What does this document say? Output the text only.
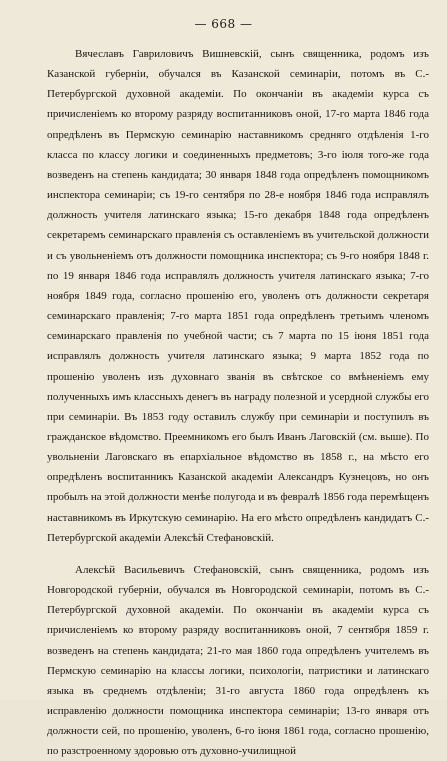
— 668 —

Вячеславъ Гавриловичъ Вишневскій, сынъ священника, родомъ изъ Казанской губерніи, обучался въ Казанской семинаріи, потомъ въ С.-Петербургской духовной академіи. По окончаніи въ академіи курса съ причисленіемъ ко второму разряду воспитанниковъ оной, 17-го марта 1846 года опредѣленъ въ Пермскую семинарію наставникомъ средняго отдѣленія 1-го класса по классу логики и соединенныхъ предметовъ; 3-го іюля того-же года возведенъ на степень кандидата; 30 января 1848 года опредѣленъ помощникомъ инспектора семинаріи; съ 19-го сентября по 28-е ноября 1846 года исправлялъ должность учителя латинскаго языка; 15-го декабря 1848 года опредѣленъ секретаремъ семинарскаго правленія съ оставленіемъ въ учительской должности и съ увольненіемъ отъ должности помощника инспектора; съ 9-го ноября 1848 г. по 19 января 1846 года исправлялъ должность учителя латинскаго языка; 7-го ноября 1849 года, согласно прошенію его, уволенъ отъ должности секретаря семинарскаго правленія; 7-го марта 1851 года опредѣленъ третьимъ членомъ семинарскаго правленія по учебной части; съ 7 марта по 15 іюня 1851 года исправлялъ должность учителя латинскаго языка; 9 марта 1852 года по прошенію уволенъ изъ духовнаго званія въ свѣтское со вмѣненіемъ ему полученныхъ имъ классныхъ денегъ въ награду полезной и усердной службы его при семинаріи. Въ 1853 году оставилъ службу при семинаріи и поступилъ въ гражданское вѣдомство. Преемникомъ его былъ Иванъ Лаговскій (см. выше). По увольненіи Лаговскаго въ епархіальное вѣдомство въ 1858 г., на мѣсто его опредѣленъ воспитанникъ Казанской академіи Александръ Кузнецовъ, но онъ пробылъ на этой должности менѣе полугода и въ февралѣ 1856 года перемѣщенъ наставникомъ въ Иркутскую семинарію. На его мѣсто опредѣленъ кандидатъ С.-Петербургской академіи Алексѣй Стефановскій.

Алексѣй Васильевичъ Стефановскій, сынъ священника, родомъ изъ Новгородской губерніи, обучался въ Новгородской семинаріи, потомъ въ С.-Петербургской духовной академіи. По окончаніи въ академіи курса съ причисленіемъ ко второму разряду воспитанниковъ оной, 7 сентября 1859 г. возведенъ на степень кандидата; 21-го мая 1860 года опредѣленъ учителемъ въ Пермскую семинарію на классы логики, психологіи, патристики и латинскаго языка въ среднемъ отдѣленіи; 31-го августа 1860 года опредѣленъ къ исправленію должности помощника инспектора семинаріи; 13-го января отъ должности сей, по прошенію, уволенъ, 6-го іюня 1861 года, согласно прошенію, по разстроенному здоровью отъ духовно-училищной
